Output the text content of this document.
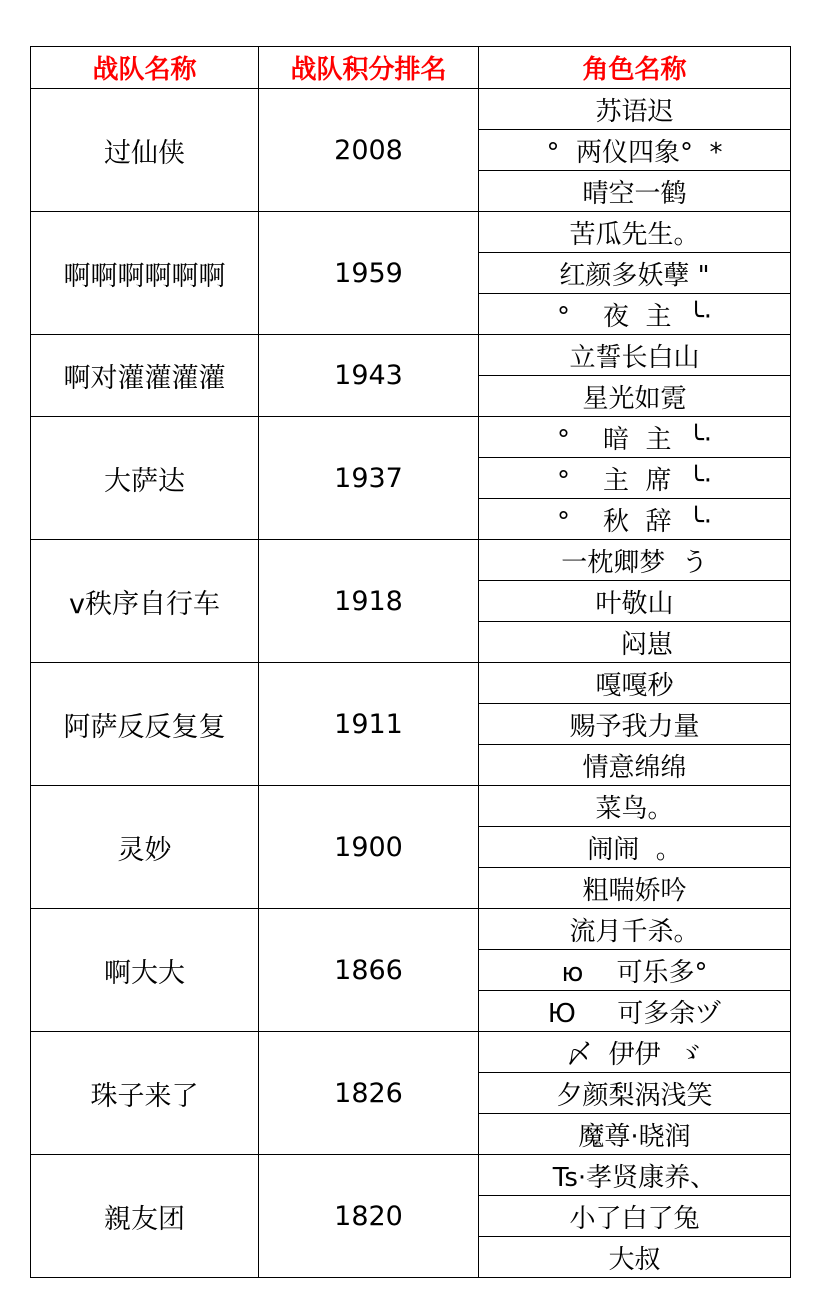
战队名称	战队积分排名	角色名称
过仙侠	2008	苏语迟
		°  两仪四象°  *
		晴空一鹤
啊啊啊啊啊啊	1959	苦瓜先生。
		红颜多妖孽 "
		°    夜  主  ╰·
啊对灌灌灌灌	1943	立誓长白山
		星光如霓
大萨达	1937	°    暗  主  ╰·
		°    主  席  ╰·
		°    秋  辞  ╰·
v秩序自行车	1918	一枕卿梦  う
		叶敬山
		闷崽
阿萨反反复复	1911	嘎嘎秒
		赐予我力量
		情意绵绵
灵妙	1900	菜鸟。
		闹闹  。
		粗喘娇吟
啊大大	1866	流月千杀。
		ю    可乐多°
		Ю     可多余ヅ
珠子来了	1826	〆  伊伊  ゞ
		夕颜梨涡浅笑
		魔尊·晓润
親友团	1820	Ts·孝贤康养、
		小了白了兔
		大叔
